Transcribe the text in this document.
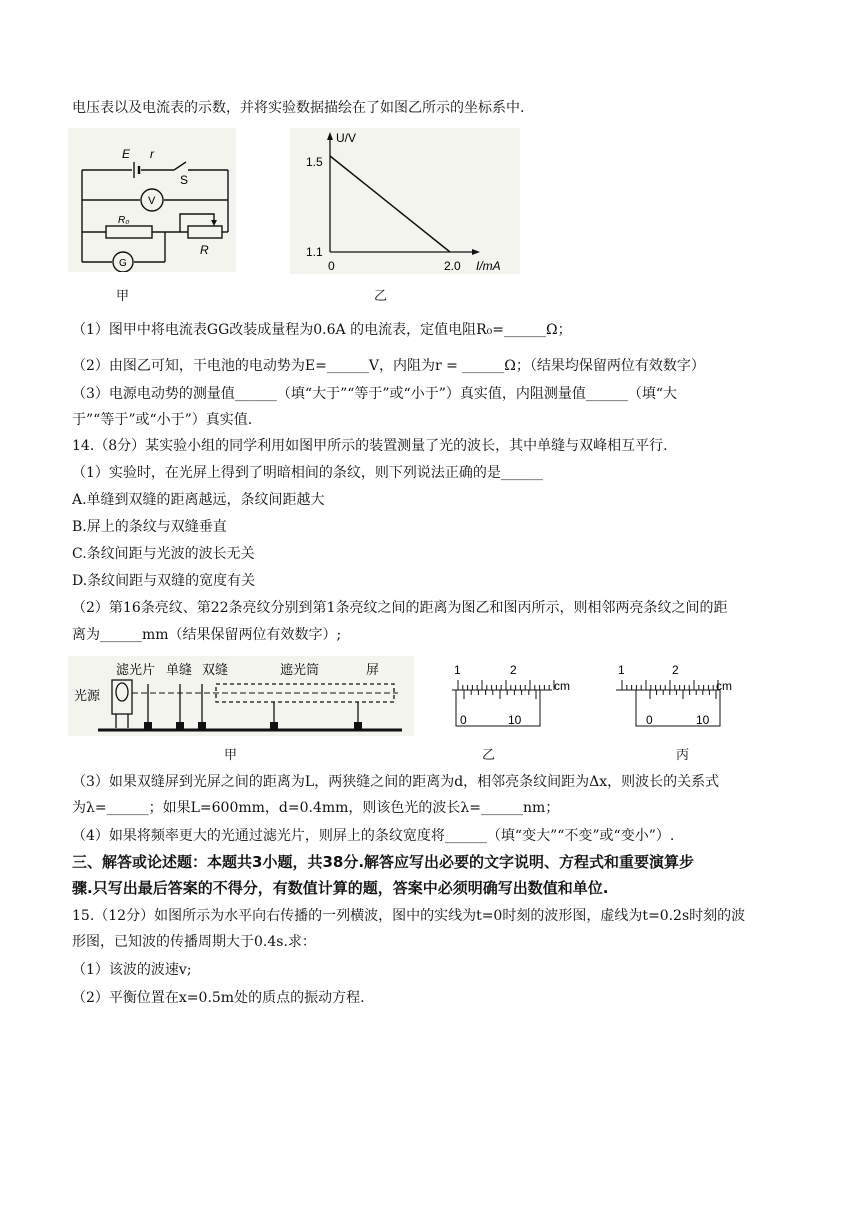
电压表以及电流表的示数，并将实验数据描绘在了如图乙所示的坐标系中.
E r
S
V
R₀
R
G
甲
U/V
1.5
1.1
0	2.0 I/mA
乙
（1）图甲中将电流表GG改装成量程为0.6A 的电流表，定值电阻R₀=______Ω；
（2）由图乙可知，干电池的电动势为E=______V，内阻为r = ______Ω；（结果均保留两位有效数字）
（3）电源电动势的测量值______（填“大于”“等于”或“小于”）真实值，内阻测量值______（填“大
于”“等于”或“小于”）真实值.
14.（8分）某实验小组的同学利用如图甲所示的装置测量了光的波长，其中单缝与双峰相互平行.
（1）实验时，在光屏上得到了明暗相间的条纹，则下列说法正确的是______
A.单缝到双缝的距离越远，条纹间距越大
B.屏上的条纹与双缝垂直
C.条纹间距与光波的波长无关
D.条纹间距与双缝的宽度有关
（2）第16条亮纹、第22条亮纹分别到第1条亮纹之间的距离为图乙和图丙所示，则相邻两亮条纹之间的距
离为______mm（结果保留两位有效数字）;
光源
滤光片 单缝 双缝	遮光筒	屏
甲
1	2
cm
0	10
乙
1	2
cm
0	10
丙
（3）如果双缝屏到光屏之间的距离为L，两狭缝之间的距离为d，相邻亮条纹间距为Δx，则波长的关系式
为λ=______；如果L=600mm，d=0.4mm，则该色光的波长λ=______nm；
（4）如果将频率更大的光通过滤光片，则屏上的条纹宽度将______（填“变大”“不变”或“变小”）.
三、解答或论述题：本题共3小题，共38分.解答应写出必要的文字说明、方程式和重要演算步
骤.只写出最后答案的不得分，有数值计算的题，答案中必须明确写出数值和单位.
15.（12分）如图所示为水平向右传播的一列横波，图中的实线为t=0时刻的波形图，虚线为t=0.2s时刻的波
形图，已知波的传播周期大于0.4s.求：
（1）该波的波速v;
（2）平衡位置在x=0.5m处的质点的振动方程.
